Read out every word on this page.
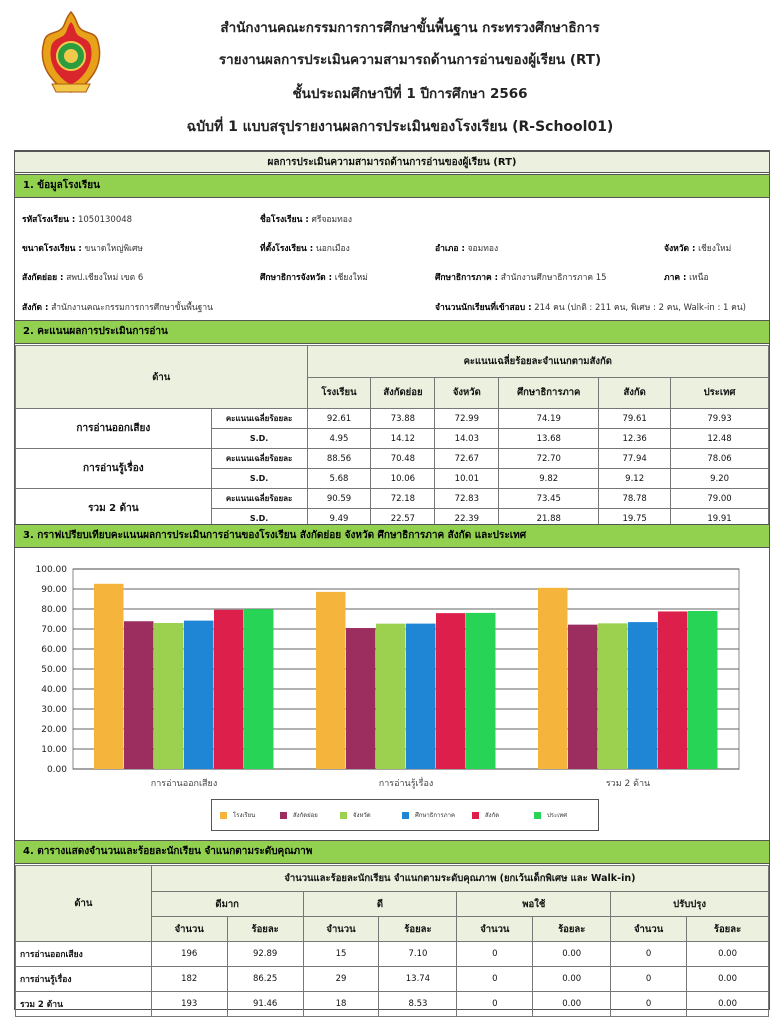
สำนักงานคณะกรรมการการศึกษาขั้นพื้นฐาน กระทรวงศึกษาธิการ
รายงานผลการประเมินความสามารถด้านการอ่านของผู้เรียน (RT)
ชั้นประถมศึกษาปีที่ 1 ปีการศึกษา 2566
ฉบับที่ 1 แบบสรุปรายงานผลการประเมินของโรงเรียน (R-School01)
ผลการประเมินความสามารถด้านการอ่านของผู้เรียน (RT)
1. ข้อมูลโรงเรียน
รหัสโรงเรียน : 1050130048	ชื่อโรงเรียน : ศรีจอมทอง
ขนาดโรงเรียน : ขนาดใหญ่พิเศษ	ที่ตั้งโรงเรียน : นอกเมือง	อำเภอ : จอมทอง	จังหวัด : เชียงใหม่
สังกัดย่อย : สพป.เชียงใหม่ เขต 6	ศึกษาธิการจังหวัด : เชียงใหม่	ศึกษาธิการภาค : สำนักงานศึกษาธิการภาค 15	ภาค : เหนือ
สังกัด : สำนักงานคณะกรรมการการศึกษาขั้นพื้นฐาน	จำนวนนักเรียนที่เข้าสอบ : 214 คน (ปกติ : 211 คน, พิเศษ : 2 คน, Walk-in : 1 คน)
2. คะแนนผลการประเมินการอ่าน
ด้าน		คะแนนเฉลี่ยร้อยละจำแนกตามสังกัด					
		โรงเรียน	สังกัดย่อย	จังหวัด	ศึกษาธิการภาค	สังกัด	ประเทศ
การอ่านออกเสียง	คะแนนเฉลี่ยร้อยละ	92.61	73.88	72.99	74.19	79.61	79.93
	S.D.	4.95	14.12	14.03	13.68	12.36	12.48
การอ่านรู้เรื่อง	คะแนนเฉลี่ยร้อยละ	88.56	70.48	72.67	72.70	77.94	78.06
	S.D.	5.68	10.06	10.01	9.82	9.12	9.20
รวม 2 ด้าน	คะแนนเฉลี่ยร้อยละ	90.59	72.18	72.83	73.45	78.78	79.00
	S.D.	9.49	22.57	22.39	21.88	19.75	19.91
3. กราฟเปรียบเทียบคะแนนผลการประเมินการอ่านของโรงเรียน สังกัดย่อย จังหวัด ศึกษาธิการภาค สังกัด และประเทศ
0.00
10.00
20.00
30.00
40.00
50.00
60.00
70.00
80.00
90.00
100.00
การอ่านออกเสียง	การอ่านรู้เรื่อง	รวม 2 ด้าน
โรงเรียน	สังกัดย่อย	จังหวัด	ศึกษาธิการภาค	สังกัด	ประเทศ
4. ตารางแสดงจำนวนและร้อยละนักเรียน จำแนกตามระดับคุณภาพ
ด้าน	จำนวนและร้อยละนักเรียน จำแนกตามระดับคุณภาพ (ยกเว้นเด็กพิเศษ และ Walk-in)							
	ดีมาก		ดี		พอใช้		ปรับปรุง	
	จำนวน	ร้อยละ	จำนวน	ร้อยละ	จำนวน	ร้อยละ	จำนวน	ร้อยละ
การอ่านออกเสียง	196	92.89	15	7.10	0	0.00	0	0.00
การอ่านรู้เรื่อง	182	86.25	29	13.74	0	0.00	0	0.00
รวม 2 ด้าน	193	91.46	18	8.53	0	0.00	0	0.00
